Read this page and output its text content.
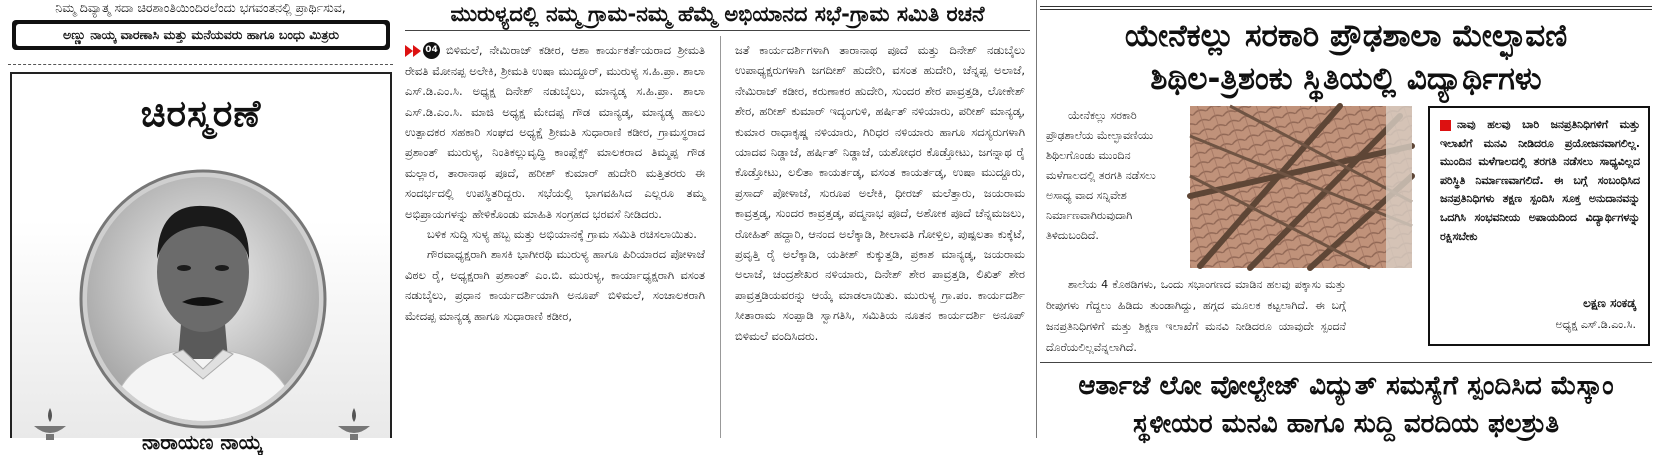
ನಿಮ್ಮ ದಿವ್ಯಾತ್ಮ ಸದಾ ಚಿರಶಾಂತಿಯಿಂದಿರಲೆಂದು ಭಗವಂತನಲ್ಲಿ ಪ್ರಾರ್ಥಿಸುವ,
ಅಣ್ಣು ನಾಯ್ಕ ವಾರಣಾಸಿ ಮತ್ತು ಮನೆಯವರು ಹಾಗೂ ಬಂಧು ಮಿತ್ರರು
ಚಿರಸ್ಮರಣೆ
ನಾರಾಯಣ ನಾಯ್ಕ
ಮುರುಳ್ಯದಲ್ಲಿ ನಮ್ಮ ಗ್ರಾಮ-ನಮ್ಮ ಹೆಮ್ಮೆ ಅಭಿಯಾನದ ಸಭೆ-ಗ್ರಾಮ ಸಮಿತಿ ರಚನೆ

04 ಬಿಳಿಮಲೆ, ನೇಮಿರಾಜ್ ಕಡೀರ, ಆಶಾ ಕಾರ್ಯಕರ್ತೆಯರಾದ ಶ್ರೀಮತಿ ರೇವತಿ ಮೋನಪ್ಪ ಅಲೇಕಿ, ಶ್ರೀಮತಿ ಉಷಾ ಮುದ್ದೂರ್, ಮುರುಳ್ಯ ಸ.ಹಿ.ಪ್ರಾ. ಶಾಲಾ ಎಸ್.ಡಿ.ಎಂ.ಸಿ. ಅಧ್ಯಕ್ಷ ದಿನೇಶ್ ನಡುಬೈಲು, ಮಾನ್ಯಡ್ಕ ಸ.ಹಿ.ಪ್ರಾ. ಶಾಲಾ ಎಸ್.ಡಿ.ಎಂ.ಸಿ. ಮಾಜಿ ಅಧ್ಯಕ್ಷ ಮೇದಪ್ಪ ಗೌಡ ಮಾನ್ಯಡ್ಕ, ಮಾನ್ಯಡ್ಕ ಹಾಲು ಉತ್ಪಾದಕರ ಸಹಕಾರಿ ಸಂಘದ ಅಧ್ಯಕ್ಷೆ ಶ್ರೀಮತಿ ಸುಧಾರಾಣಿ ಕಡೀರ, ಗ್ರಾಮಸ್ಥರಾದ ಪ್ರಶಾಂತ್ ಮುರುಳ್ಯ, ನಿಂತಿಕಲ್ಲುವೃದ್ಧಿ ಕಾಂಪ್ಲೆಕ್ಸ್ ಮಾಲಕರಾದ ತಿಮ್ಮಪ್ಪ ಗೌಡ ಮಲ್ಲಾರ, ತಾರಾನಾಥ ಪೂದೆ, ಹರೀಶ್ ಕುಮಾರ್ ಹುದೇರಿ ಮತ್ತಿತರರು ಈ ಸಂದರ್ಭದಲ್ಲಿ ಉಪಸ್ಥಿತರಿದ್ದರು. ಸಭೆಯಲ್ಲಿ ಭಾಗವಹಿಸಿದ ಎಲ್ಲರೂ ತಮ್ಮ ಅಭಿಪ್ರಾಯಗಳನ್ನು ಹೇಳಿಕೊಂಡು ಮಾಹಿತಿ ಸಂಗ್ರಹದ ಭರವಸೆ ನೀಡಿದರು.

ಬಳಿಕ ಸುದ್ದಿ ಸುಳ್ಯ ಹಬ್ಬ ಮತ್ತು ಅಭಿಯಾನಕ್ಕೆ ಗ್ರಾಮ ಸಮಿತಿ ರಚಿಸಲಾಯಿತು.

ಗೌರವಾಧ್ಯಕ್ಷರಾಗಿ ಶಾಸಕಿ ಭಾಗೀರಥಿ ಮುರುಳ್ಯ ಹಾಗೂ ಪಿರಿಯಾರದ ಪೋಳಾಜೆ ವಿಠಲ ರೈ, ಅಧ್ಯಕ್ಷರಾಗಿ ಪ್ರಶಾಂತ್ ಎಂ.ಬಿ. ಮುರುಳ್ಯ, ಕಾರ್ಯಾಧ್ಯಕ್ಷರಾಗಿ ವಸಂತ ನಡುಬೈಲು, ಪ್ರಧಾನ ಕಾರ್ಯದರ್ಶಿಯಾಗಿ ಅನೂಪ್ ಬಿಳಿಮಲೆ, ಸಂಚಾಲಕರಾಗಿ ಮೇದಪ್ಪ ಮಾನ್ಯಡ್ಕ ಹಾಗೂ ಸುಧಾರಾಣಿ ಕಡೀರ,

ಜತೆ ಕಾರ್ಯದರ್ಶಿಗಳಾಗಿ ತಾರಾನಾಥ ಪೂದೆ ಮತ್ತು ದಿನೇಶ್ ನಡುಬೈಲು ಉಪಾಧ್ಯಕ್ಷರುಗಳಾಗಿ ಜಗದೀಶ್ ಹುದೇರಿ, ವಸಂತ ಹುದೇರಿ, ಚೆನ್ನಪ್ಪ ಅಲಾಜೆ, ನೇಮಿರಾಜ್ ಕಡೀರ, ಕರುಣಾಕರ ಹುದೇರಿ, ಸುಂದರ ಶೇರ ಪಾವ್ರತ್ತಡಿ, ಲೋಕೇಶ್ ಶೇರ, ಹರೀಶ್ ಕುಮಾರ್ ಇದ್ಯಂಗುಳಿ, ಹರ್ಷಿತ್ ನಳಿಯಾರು, ಪರೀಶ್ ಮಾನ್ಯಡ್ಕ, ಕುಮಾರ ರಾಧಾಕೃಷ್ಣ ನಳಿಯಾರು, ಗಿರಿಧರ ನಳಿಯಾರು ಹಾಗೂ ಸದಸ್ಯರುಗಳಾಗಿ ಯಾದವ ನಿಡ್ಡಾಜೆ, ಹರ್ಷಿತ್ ನಿಡ್ಡಾಜೆ, ಯಶೋಧರ ಕೊಡ್ತೋಟು, ಜಗನ್ನಾಥ ರೈ ಕೊಡ್ತೋಟು, ಲಲಿತಾ ಕಾಯರ್ತಡ್ಕ, ವಸಂತ ಕಾಯರ್ತಡ್ಕ, ಉಷಾ ಮುದ್ದೂರು, ಪ್ರಸಾದ್ ಪೋಳಾಜೆ, ಸುರೂಪ ಅಲೇಕಿ, ಧೀರಜ್ ಮಲೆತ್ತಾರು, ಜಯರಾಮ ಕಾವ್ರತ್ತಡ್ಕ, ಸುಂದರ ಕಾವ್ರತ್ತಡ್ಕ, ಪದ್ಮನಾಭ ಪೂದೆ, ಅಶೋಕ ಪೂದೆ ಚೆನ್ನಮಜಲು, ರೋಹಿತ್ ಹದ್ದಾರಿ, ಆನಂದ ಅಲೆಕ್ಕಾಡಿ, ಶೀಲಾವತಿ ಗೋಳ್ತಿಲ, ಪುಷ್ಪಲತಾ ಕುಕ್ಕೆಟೆ, ಪ್ರವೃತ್ತಿ ರೈ ಅಲೆಕ್ಕಾಡಿ, ಯತೀಶ್ ಕುಕ್ಕುತ್ತಡಿ, ಪ್ರಕಾಶ ಮಾನ್ಯಡ್ಕ, ಜಯರಾಮ ಅಲಾಜೆ, ಚಂದ್ರಶೇಖರ ನಳಿಯಾರು, ದಿನೇಶ್ ಶೇರ ಪಾವ್ರತ್ತಡಿ, ಲಿಖಿತ್ ಶೇರ ಪಾವ್ರತ್ತಡಿಯವರನ್ನು ಆಯ್ಕೆ ಮಾಡಲಾಯಿತು. ಮುರುಳ್ಯ ಗ್ರಾ.ಪಂ. ಕಾರ್ಯದರ್ಶಿ ಸೀತಾರಾಮ ಸಂಪ್ಪಾಡಿ ಸ್ವಾಗತಿಸಿ, ಸಮಿತಿಯ ನೂತನ ಕಾರ್ಯದರ್ಶಿ ಅನೂಪ್ ಬಿಳಿಮಲೆ ವಂದಿಸಿದರು.

ಯೇನೆಕಲ್ಲು ಸರಕಾರಿ ಪ್ರೌಢಶಾಲಾ ಮೇಲ್ಛಾವಣಿ
ಶಿಥಿಲ-ತ್ರಿಶಂಕು ಸ್ಥಿತಿಯಲ್ಲಿ ವಿದ್ಯಾರ್ಥಿಗಳು

ಯೇನೆಕಲ್ಲು ಸರಕಾರಿ ಪ್ರೌಢಶಾಲೆಯ ಮೇಲ್ಛಾವಣಿಯು ಶಿಥಿಲಗೊಂಡು ಮುಂದಿನ ಮಳೆಗಾಲದಲ್ಲಿ ತರಗತಿ ನಡೆಸಲು ಅಸಾಧ್ಯ ವಾದ ಸನ್ನಿವೇಶ ನಿರ್ಮಾಣವಾಗಿರುವುದಾಗಿ ತಿಳಿದುಬಂದಿದೆ.

ನಾವು ಹಲವು ಬಾರಿ ಜನಪ್ರತಿನಿಧಿಗಳಿಗೆ ಮತ್ತು ಇಲಾಖೆಗೆ ಮನವಿ ನೀಡಿದರೂ ಪ್ರಯೋಜನವಾಗಲಿಲ್ಲ. ಮುಂದಿನ ಮಳೆಗಾಲದಲ್ಲಿ ತರಗತಿ ನಡೆಸಲು ಸಾಧ್ಯವಿಲ್ಲದ ಪರಿಸ್ಥಿತಿ ನಿರ್ಮಾಣವಾಗಲಿದೆ. ಈ ಬಗ್ಗೆ ಸಂಬಂಧಿಸಿದ ಜನಪ್ರತಿನಿಧಿಗಳು ತಕ್ಷಣ ಸ್ಪಂದಿಸಿ ಸೂಕ್ತ ಅನುದಾನವನ್ನು ಒದಗಿಸಿ ಸಂಭವನೀಯ ಅಪಾಯದಿಂದ ವಿದ್ಯಾರ್ಥಿಗಳನ್ನು ರಕ್ಷಿಸಬೇಕು
ಲಕ್ಷಣ ಸಂಕಡ್ಕ
ಅಧ್ಯಕ್ಷ ಎಸ್.ಡಿ.ಎಂ.ಸಿ.

ಶಾಲೆಯ 4 ಕೊಠಡಿಗಳು, ಒಂದು ಸಭಾಂಗಣದ ಮಾಡಿನ ಹಲವು ಪಕ್ಕಾಸು ಮತ್ತು ರೀಪುಗಳು ಗೆದ್ದಲು ಹಿಡಿದು ತುಂಡಾಗಿದ್ದು, ಹಗ್ಗದ ಮೂಲಕ ಕಟ್ಟಲಾಗಿದೆ. ಈ ಬಗ್ಗೆ ಜನಪ್ರತಿನಿಧಿಗಳಿಗೆ ಮತ್ತು ಶಿಕ್ಷಣ ಇಲಾಖೆಗೆ ಮನವಿ ನೀಡಿದರೂ ಯಾವುದೇ ಸ್ಪಂದನೆ ದೊರೆಯಲಿಲ್ಲವೆನ್ನಲಾಗಿದೆ.

ಆರ್ತಾಜೆ ಲೋ ವೋಲ್ಟೇಜ್ ವಿದ್ಯುತ್ ಸಮಸ್ಯೆಗೆ ಸ್ಪಂದಿಸಿದ ಮೆಸ್ಕಾಂ
ಸ್ಥಳೀಯರ ಮನವಿ ಹಾಗೂ ಸುದ್ದಿ ವರದಿಯ ಫಲಶ್ರುತಿ
